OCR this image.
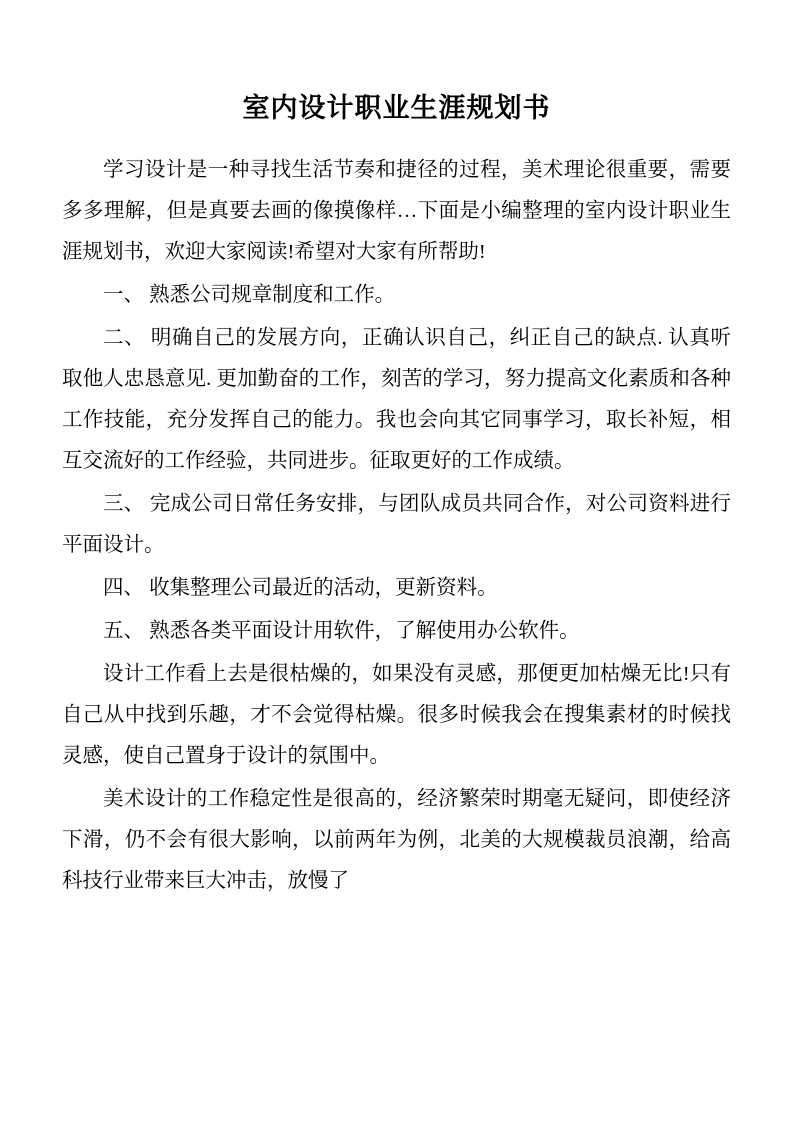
室内设计职业生涯规划书

学习设计是一种寻找生活节奏和捷径的过程，美术理论很重要，需要多多理解，但是真要去画的像摸像样…下面是小编整理的室内设计职业生涯规划书，欢迎大家阅读!希望对大家有所帮助!

一、 熟悉公司规章制度和工作。

二、 明确自己的发展方向，正确认识自己，纠正自己的缺点. 认真听取他人忠恳意见. 更加勤奋的工作，刻苦的学习，努力提高文化素质和各种工作技能，充分发挥自己的能力。我也会向其它同事学习，取长补短，相互交流好的工作经验，共同进步。征取更好的工作成绩。

三、 完成公司日常任务安排，与团队成员共同合作，对公司资料进行平面设计。

四、 收集整理公司最近的活动，更新资料。

五、 熟悉各类平面设计用软件，了解使用办公软件。

设计工作看上去是很枯燥的，如果没有灵感，那便更加枯燥无比!只有自己从中找到乐趣，才不会觉得枯燥。很多时候我会在搜集素材的时候找灵感，使自己置身于设计的氛围中。

美术设计的工作稳定性是很高的，经济繁荣时期毫无疑问，即使经济下滑，仍不会有很大影响，以前两年为例，北美的大规模裁员浪潮，给高科技行业带来巨大冲击，放慢了
